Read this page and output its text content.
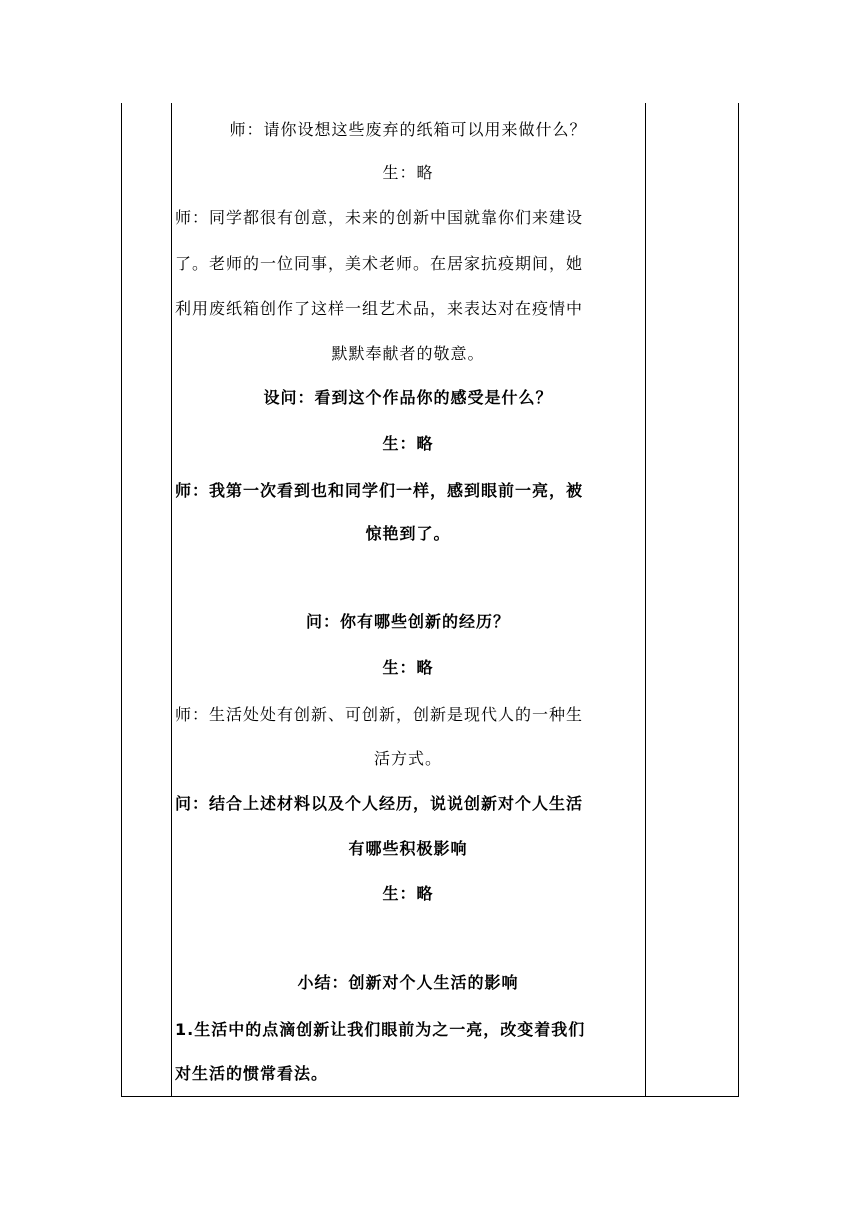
师：请你设想这些废弃的纸箱可以用来做什么？
生：略
师：同学都很有创意，未来的创新中国就靠你们来建设
了。老师的一位同事，美术老师。在居家抗疫期间，她
利用废纸箱创作了这样一组艺术品，来表达对在疫情中
默默奉献者的敬意。
设问：看到这个作品你的感受是什么？
生：略
师：我第一次看到也和同学们一样，感到眼前一亮，被
惊艳到了。
问：你有哪些创新的经历？
生：略
师：生活处处有创新、可创新，创新是现代人的一种生
活方式。
问：结合上述材料以及个人经历，说说创新对个人生活
有哪些积极影响
生：略
小结：创新对个人生活的影响
1.生活中的点滴创新让我们眼前为之一亮，改变着我们
对生活的惯常看法。
